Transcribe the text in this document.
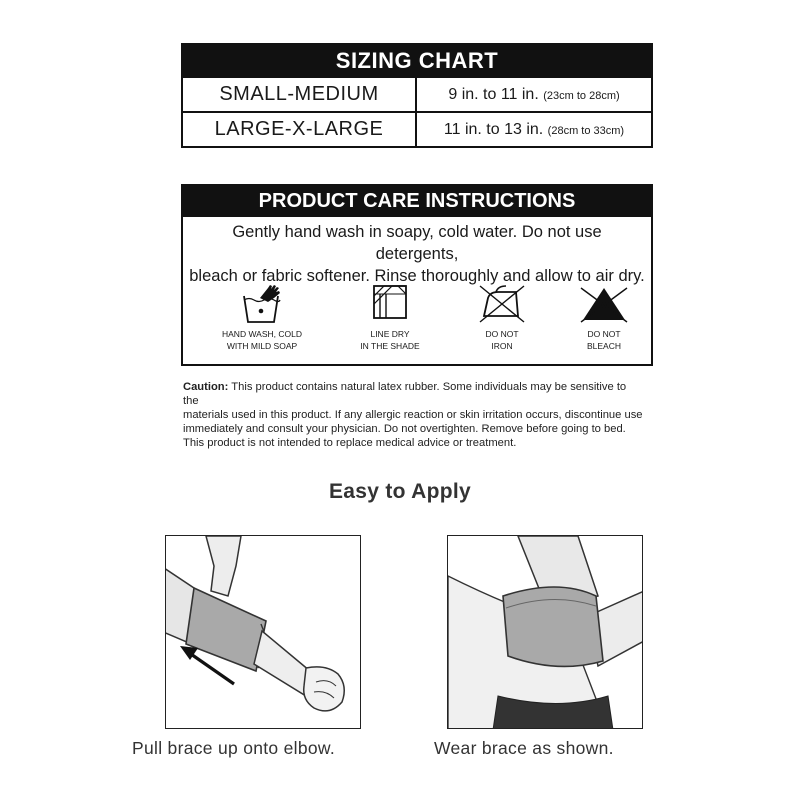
SIZING CHART
SMALL-MEDIUM	9 in. to 11 in. (23cm to 28cm)
LARGE-X-LARGE	11 in. to 13 in. (28cm to 33cm)
PRODUCT CARE INSTRUCTIONS
Gently hand wash in soapy, cold water. Do not use detergents,
bleach or fabric softener. Rinse thoroughly and allow to air dry.
HAND WASH, COLD
WITH MILD SOAP
LINE DRY
IN THE SHADE
DO NOT
IRON
DO NOT
BLEACH
Caution: This product contains natural latex rubber. Some individuals may be sensitive to the
materials used in this product. If any allergic reaction or skin irritation occurs, discontinue use
immediately and consult your physician. Do not overtighten. Remove before going to bed.
This product is not intended to replace medical advice or treatment.
Easy to Apply
Pull brace up onto elbow.	Wear brace as shown.
